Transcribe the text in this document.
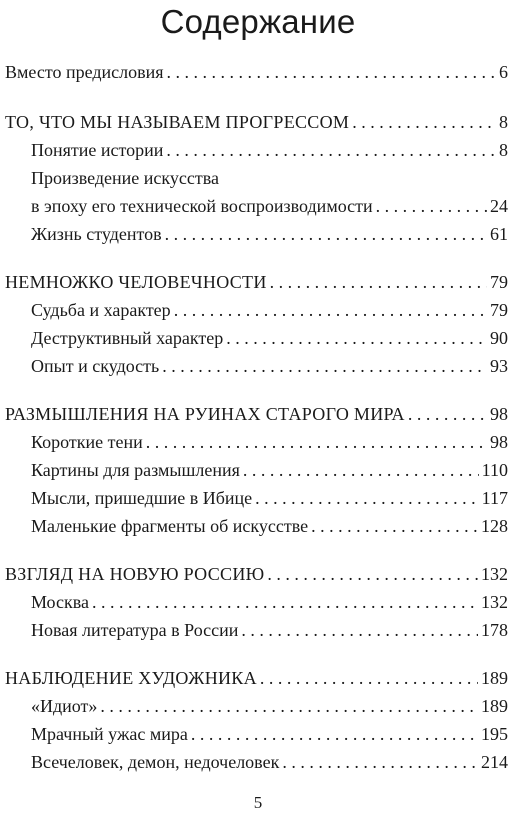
Содержание
Вместо предисловия . . .	6
ТО, ЧТО МЫ НАЗЫВАЕМ ПРОГРЕССОМ . . .	8
Понятие истории . . .	8
Произведение искусства
в эпоху его технической воспроизводимости . . .	24
Жизнь студентов . . .	61
НЕМНОЖКО ЧЕЛОВЕЧНОСТИ . . .	79
Судьба и характер . . .	79
Деструктивный характер . . .	90
Опыт и скудость . . .	93
РАЗМЫШЛЕНИЯ НА РУИНАХ СТАРОГО МИРА . . .	98
Короткие тени . . .	98
Картины для размышления . . .	110
Мысли, пришедшие в Ибице . . .	117
Маленькие фрагменты об искусстве . . .	128
ВЗГЛЯД НА НОВУЮ РОССИЮ . . .	132
Москва . . .	132
Новая литература в России . . .	178
НАБЛЮДЕНИЕ ХУДОЖНИКА . . .	189
«Идиот» . . .	189
Мрачный ужас мира . . .	195
Всечеловек, демон, недочеловек . . .	214
5
